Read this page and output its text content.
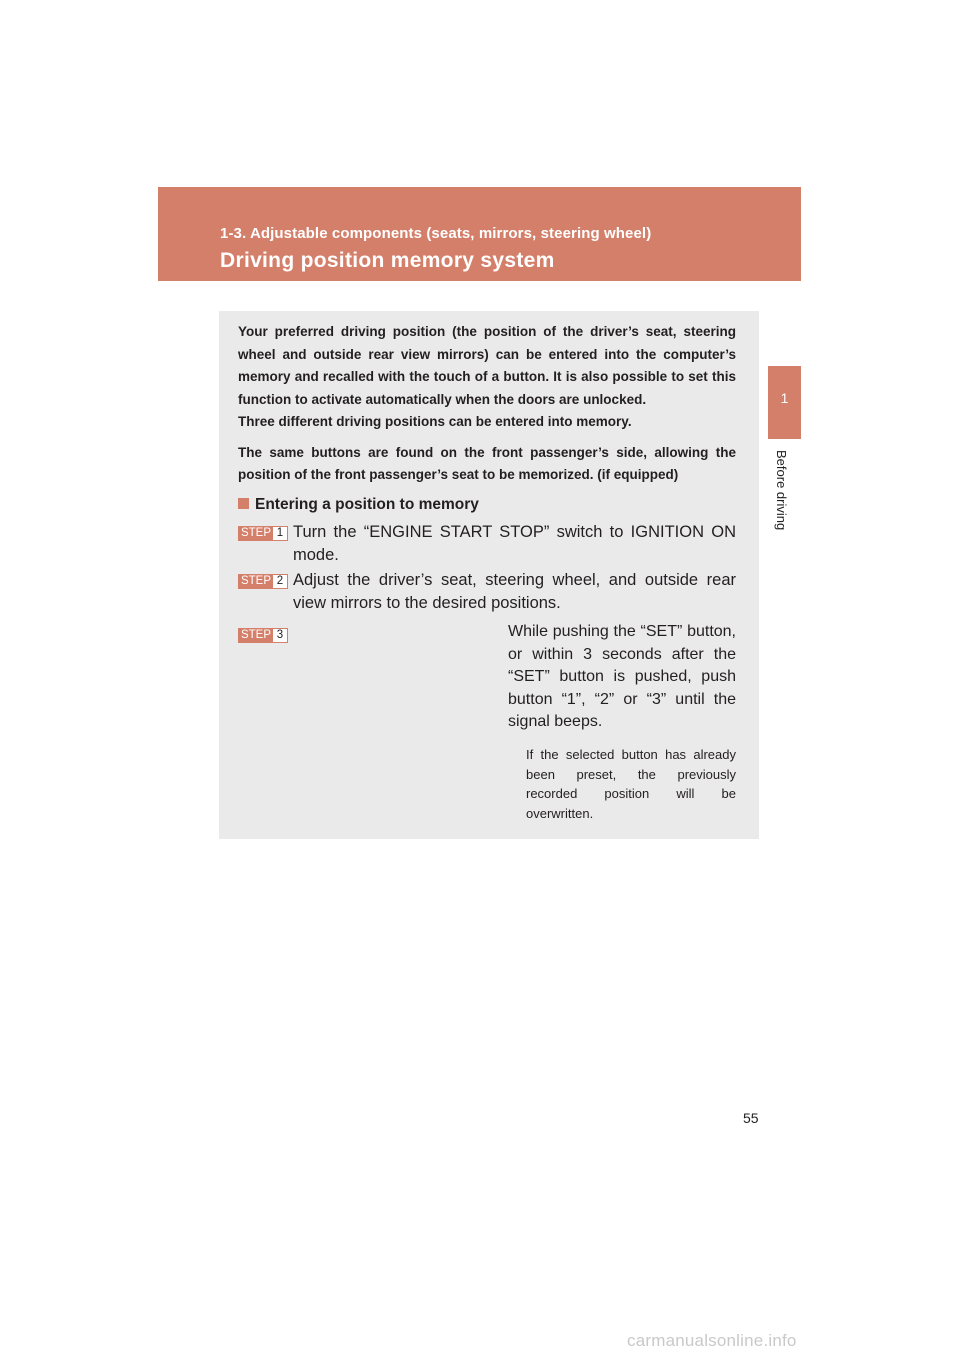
1-3. Adjustable components (seats, mirrors, steering wheel)
Driving position memory system
1
Before driving

Your preferred driving position (the position of the driver’s seat, steering wheel and outside rear view mirrors) can be entered into the computer’s memory and recalled with the touch of a button. It is also possible to set this function to activate automatically when the doors are unlocked.

Three different driving positions can be entered into memory.

The same buttons are found on the front passenger’s side, allowing the position of the front passenger’s seat to be memorized. (if equipped)

Entering a position to memory
STEP 1 Turn the “ENGINE START STOP” switch to IGNITION ON mode.
STEP 2 Adjust the driver’s seat, steering wheel, and outside rear view mirrors to the desired positions.
STEP 3	While pushing the “SET” button, or within 3 seconds after the “SET” button is pushed, push button “1”, “2” or “3” until the signal beeps.
If the selected button has already been preset, the previously recorded position will be overwritten.
55
carmanualsonline.info
